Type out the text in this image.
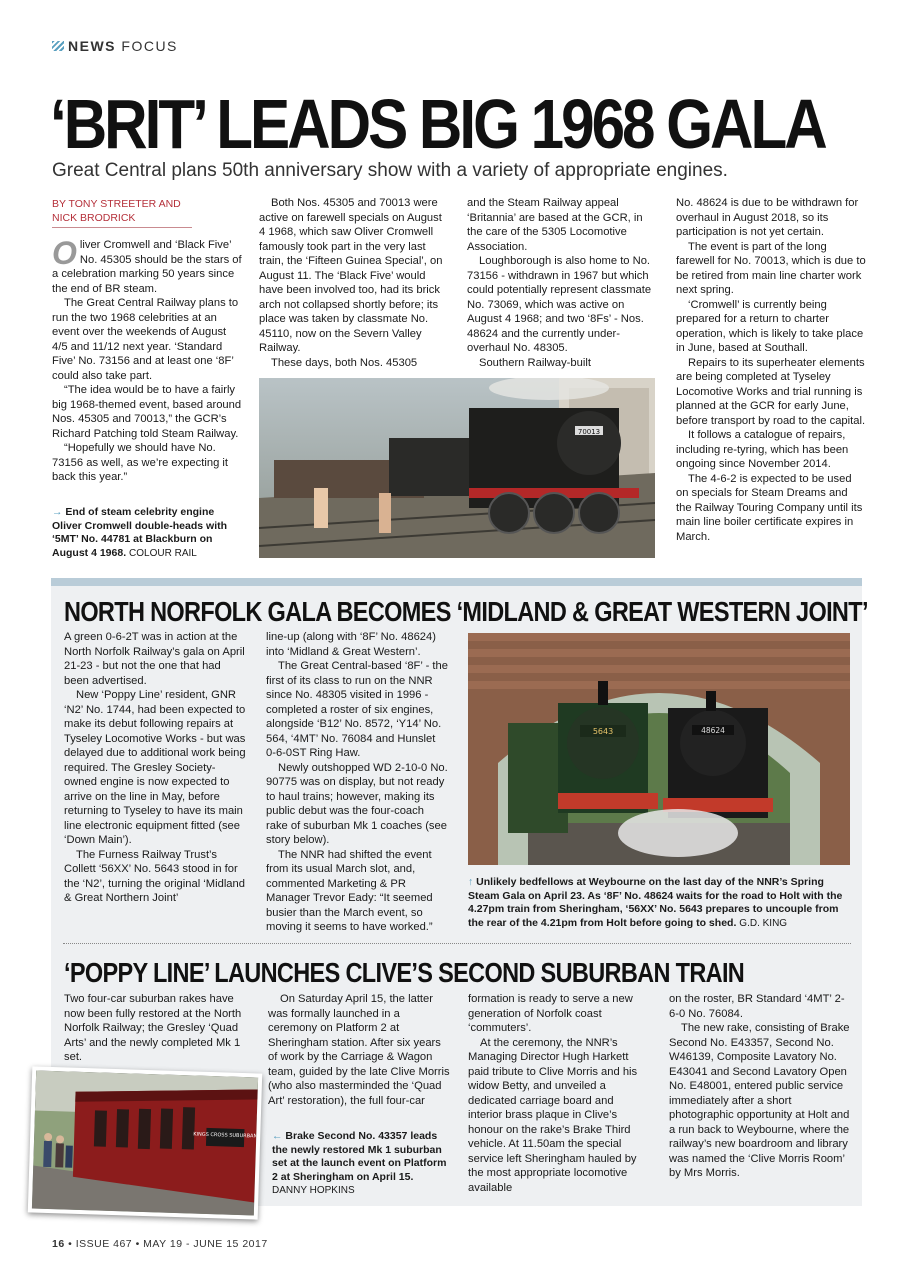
NEWS FOCUS
‘BRIT’ LEADS BIG 1968 GALA
Great Central plans 50th anniversary show with a variety of appropriate engines.
BY TONY STREETER AND
NICK BRODRICK

Oliver Cromwell and ‘Black Five’ No. 45305 should be the stars of a celebration marking 50 years since the end of BR steam.

The Great Central Railway plans to run the two 1968 celebrities at an event over the weekends of August 4/5 and 11/12 next year. ‘Standard Five’ No. 73156 and at least one ‘8F’ could also take part.

“The idea would be to have a fairly big 1968-themed event, based around Nos. 45305 and 70013,” the GCR’s Richard Patching told Steam Railway.

“Hopefully we should have No. 73156 as well, as we’re expecting it back this year.”

→ End of steam celebrity engine Oliver Cromwell double-heads with ‘5MT’ No. 44781 at Blackburn on August 4 1968. COLOUR RAIL

Both Nos. 45305 and 70013 were active on farewell specials on August 4 1968, which saw Oliver Cromwell famously took part in the very last train, the ‘Fifteen Guinea Special’, on August 11. The ‘Black Five’ would have been involved too, had its brick arch not collapsed shortly before; its place was taken by classmate No. 45110, now on the Severn Valley Railway.

These days, both Nos. 45305

and the Steam Railway appeal ‘Britannia’ are based at the GCR, in the care of the 5305 Locomotive Association.

Loughborough is also home to No. 73156 - withdrawn in 1967 but which could potentially represent classmate No. 73069, which was active on August 4 1968; and two ‘8Fs’ - Nos. 48624 and the currently under-overhaul No. 48305.

Southern Railway-built

No. 48624 is due to be withdrawn for overhaul in August 2018, so its participation is not yet certain.

The event is part of the long farewell for No. 70013, which is due to be retired from main line charter work next spring.

‘Cromwell’ is currently being prepared for a return to charter operation, which is likely to take place in June, based at Southall.

Repairs to its superheater elements are being completed at Tyseley Locomotive Works and trial running is planned at the GCR for early June, before transport by road to the capital.

It follows a catalogue of repairs, including re-tyring, which has been ongoing since November 2014.

The 4-6-2 is expected to be used on specials for Steam Dreams and the Railway Touring Company until its main line boiler certificate expires in March.

70013
NORTH NORFOLK GALA BECOMES ‘MIDLAND & GREAT WESTERN JOINT’

A green 0-6-2T was in action at the North Norfolk Railway’s gala on April 21-23 - but not the one that had been advertised.

New ‘Poppy Line’ resident, GNR ‘N2’ No. 1744, had been expected to make its debut following repairs at Tyseley Locomotive Works - but was delayed due to additional work being required. The Gresley Society-owned engine is now expected to arrive on the line in May, before returning to Tyseley to have its main line electronic equipment fitted (see ‘Down Main’).

The Furness Railway Trust’s Collett ‘56XX’ No. 5643 stood in for the ‘N2’, turning the original ‘Midland & Great Northern Joint’

line-up (along with ‘8F’ No. 48624) into ‘Midland & Great Western’.

The Great Central-based ‘8F’ - the first of its class to run on the NNR since No. 48305 visited in 1996 - completed a roster of six engines, alongside ‘B12’ No. 8572, ‘Y14’ No. 564, ‘4MT’ No. 76084 and Hunslet 0-6-0ST Ring Haw.

Newly outshopped WD 2-10-0 No. 90775 was on display, but not ready to haul trains; however, making its public debut was the four-coach rake of suburban Mk 1 coaches (see story below).

The NNR had shifted the event from its usual March slot, and, commented Marketing & PR Manager Trevor Eady: “It seemed busier than the March event, so moving it seems to have worked.”

5643	48624
↑ Unlikely bedfellows at Weybourne on the last day of the NNR’s Spring Steam Gala on April 23. As ‘8F’ No. 48624 waits for the road to Holt with the 4.27pm train from Sheringham, ‘56XX’ No. 5643 prepares to uncouple from the rear of the 4.21pm from Holt before going to shed. G.D. KING
‘POPPY LINE’ LAUNCHES CLIVE’S SECOND SUBURBAN TRAIN

Two four-car suburban rakes have now been fully restored at the North Norfolk Railway; the Gresley ‘Quad Arts’ and the newly completed Mk 1 set.

On Saturday April 15, the latter was formally launched in a ceremony on Platform 2 at Sheringham station. After six years of work by the Carriage & Wagon team, guided by the late Clive Morris (who also masterminded the ‘Quad Art’ restoration), the full four-car

← Brake Second No. 43357 leads the newly restored Mk 1 suburban set at the launch event on Platform 2 at Sheringham on April 15. DANNY HOPKINS

formation is ready to serve a new generation of Norfolk coast ‘commuters’.

At the ceremony, the NNR’s Managing Director Hugh Harkett paid tribute to Clive Morris and his widow Betty, and unveiled a dedicated carriage board and interior brass plaque in Clive’s honour on the rake’s Brake Third vehicle. At 11.50am the special service left Sheringham hauled by the most appropriate locomotive available

on the roster, BR Standard ‘4MT’ 2-6-0 No. 76084.

The new rake, consisting of Brake Second No. E43357, Second No. W46139, Composite Lavatory No. E43041 and Second Lavatory Open No. E48001, entered public service immediately after a short photographic opportunity at Holt and a run back to Weybourne, where the railway’s new boardroom and library was named the ‘Clive Morris Room’ by Mrs Morris.

KINGS CROSS SUBURBAN
16 • ISSUE 467 • MAY 19 - JUNE 15 2017
